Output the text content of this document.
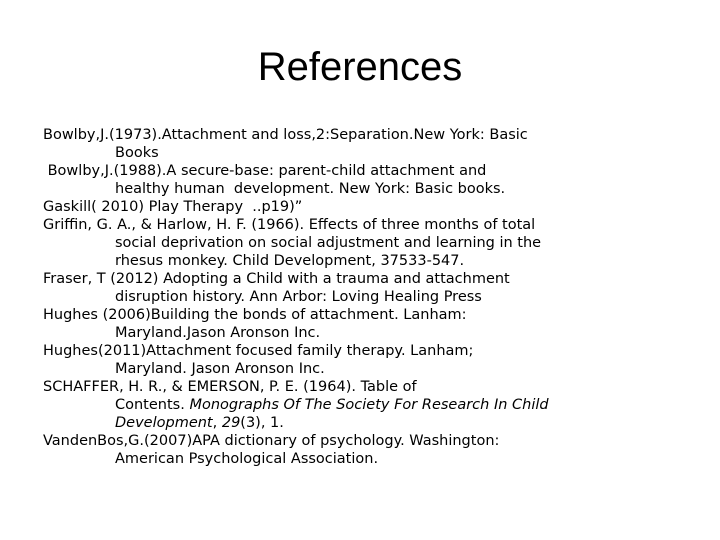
References
Bowlby,J.(1973).Attachment and loss,2:Separation.New York: Basic
Books
Bowlby,J.(1988).A secure-base: parent-child attachment and
healthy human  development. New York: Basic books.
Gaskill( 2010) Play Therapy  ..p19)”
Griffin, G. A., & Harlow, H. F. (1966). Effects of three months of total
social deprivation on social adjustment and learning in the
rhesus monkey. Child Development, 37533-547.
Fraser, T (2012) Adopting a Child with a trauma and attachment
disruption history. Ann Arbor: Loving Healing Press
Hughes (2006)Building the bonds of attachment. Lanham:
Maryland.Jason Aronson Inc.
Hughes(2011)Attachment focused family therapy. Lanham;
Maryland. Jason Aronson Inc.
SCHAFFER, H. R., & EMERSON, P. E. (1964). Table of
Contents. Monographs Of The Society For Research In Child
Development, 29(3), 1.
VandenBos,G.(2007)APA dictionary of psychology. Washington:
American Psychological Association.
